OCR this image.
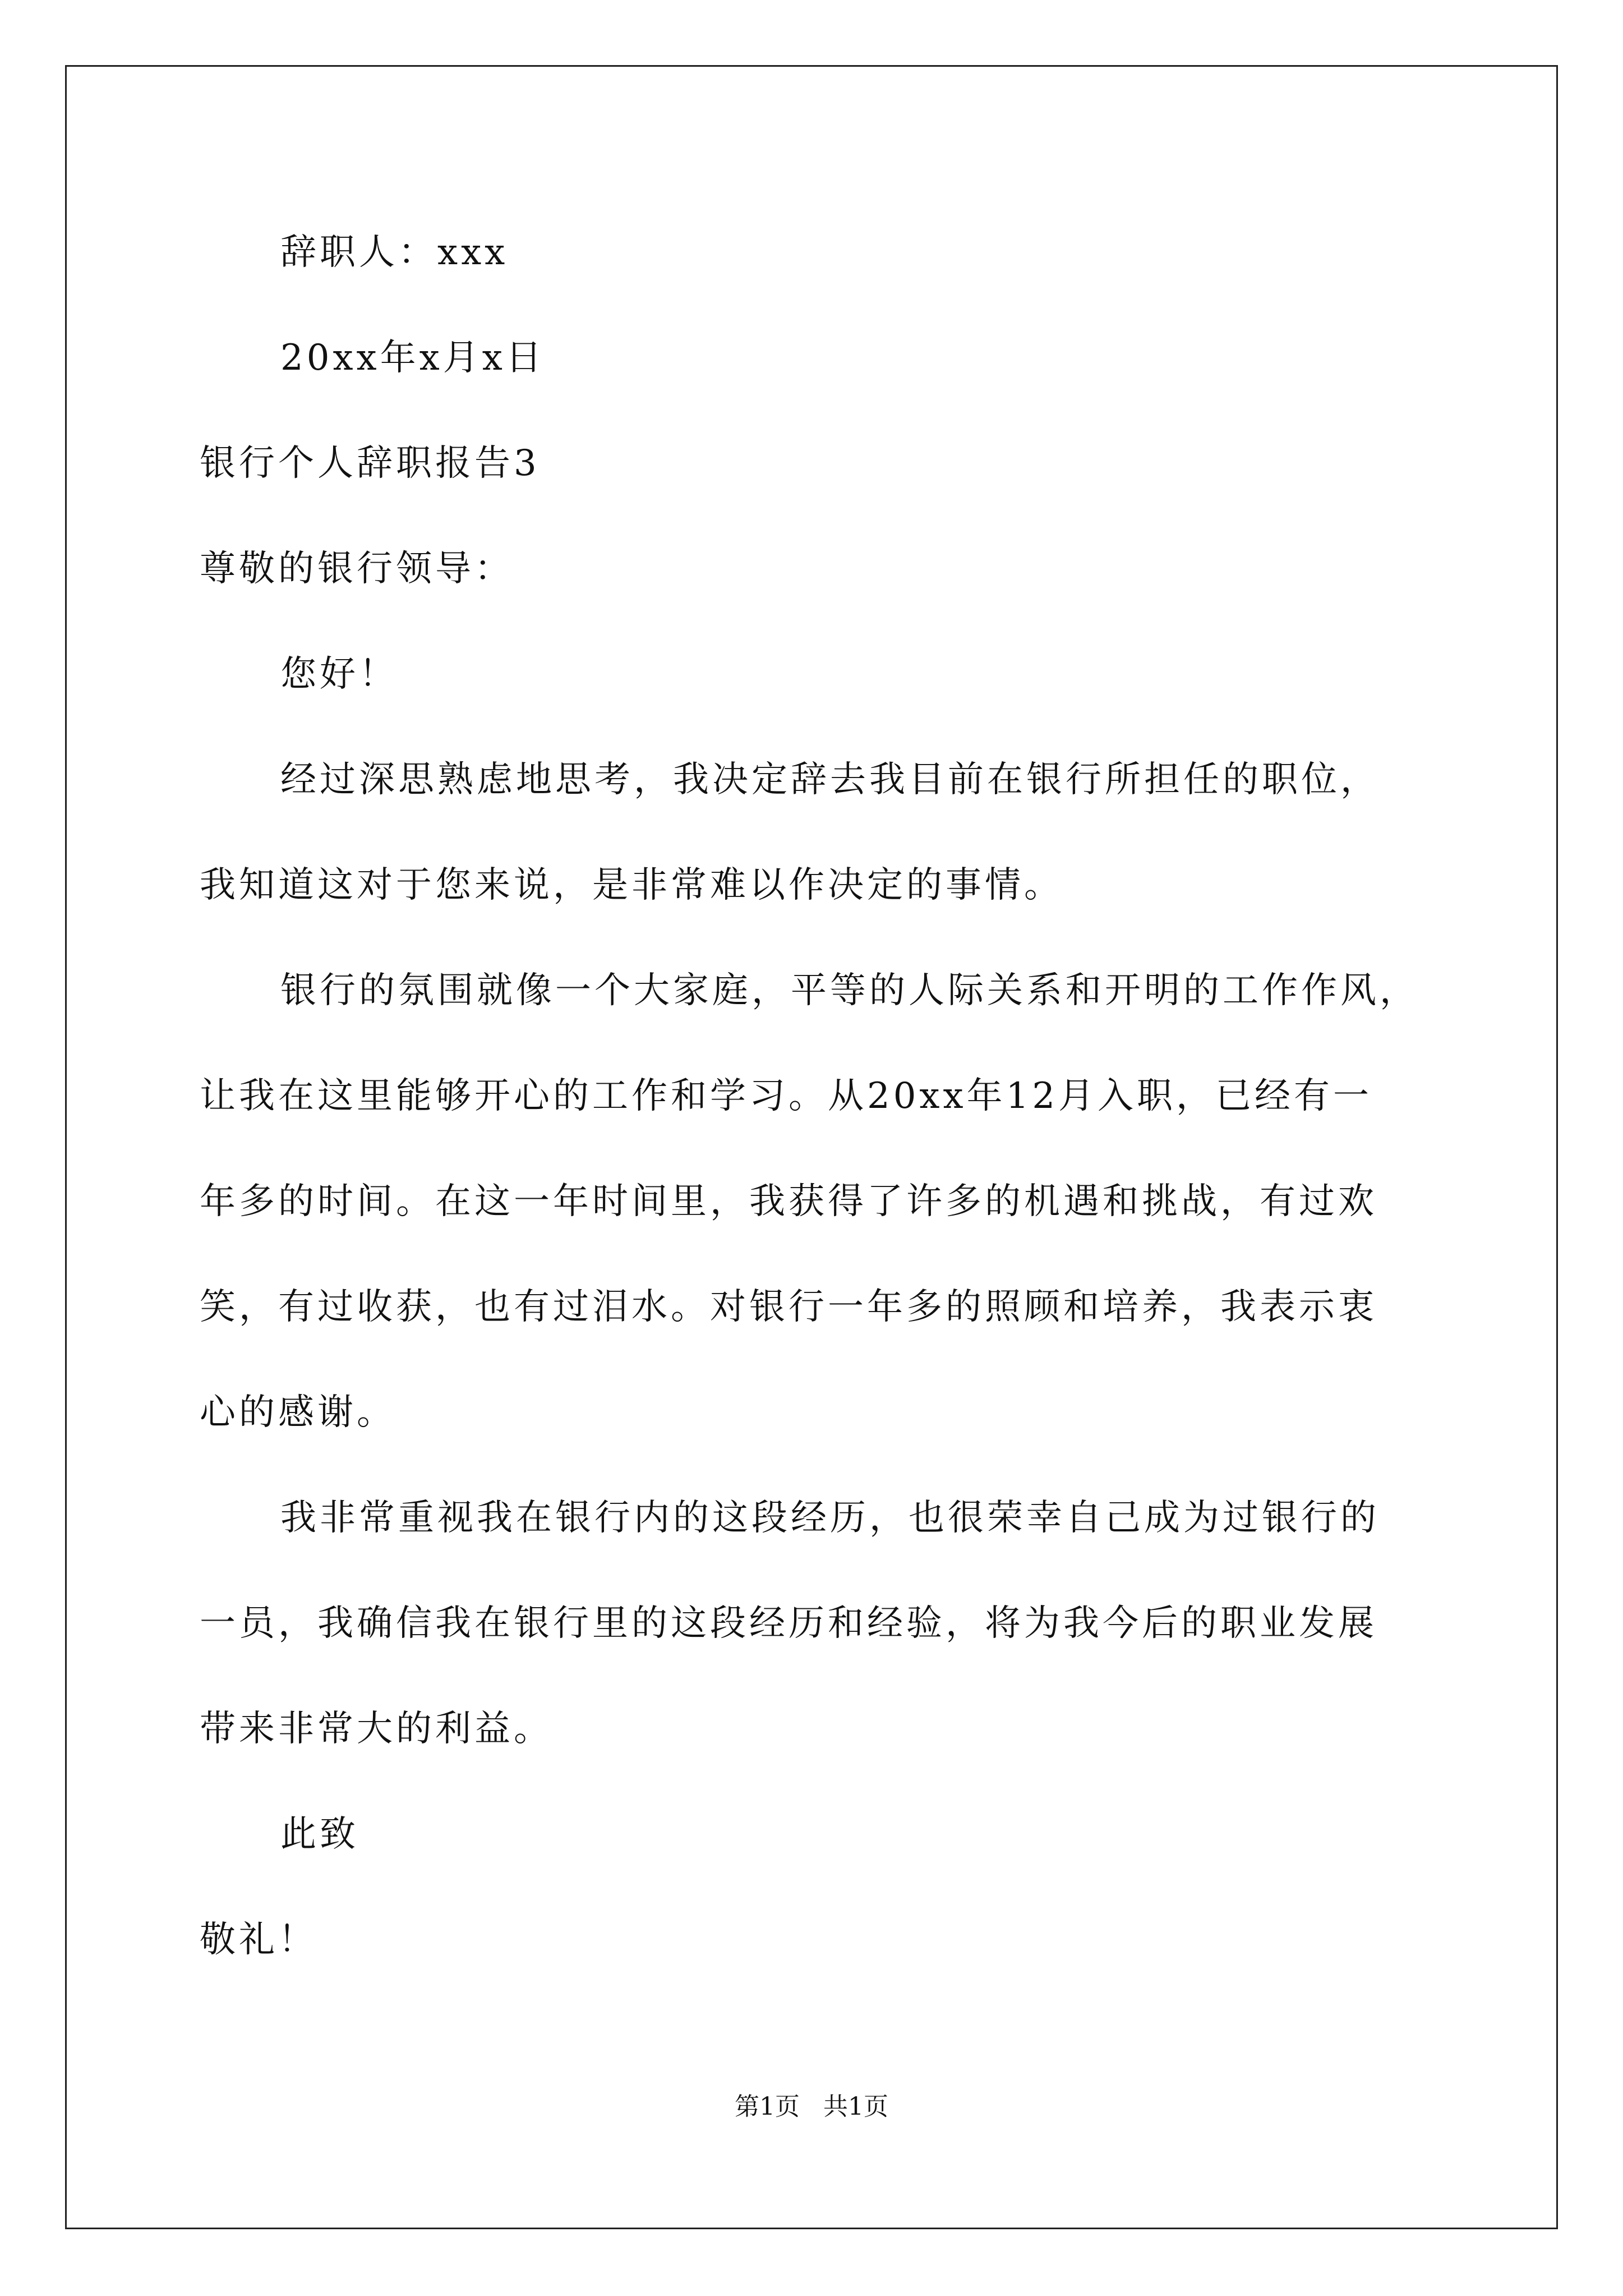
辞职人：xxx
20xx年x月x日
银行个人辞职报告3
尊敬的银行领导：
您好！
经过深思熟虑地思考，我决定辞去我目前在银行所担任的职位，
我知道这对于您来说，是非常难以作决定的事情。
银行的氛围就像一个大家庭，平等的人际关系和开明的工作作风，
让我在这里能够开心的工作和学习。从20xx年12月入职，已经有一
年多的时间。在这一年时间里，我获得了许多的机遇和挑战，有过欢
笑，有过收获，也有过泪水。对银行一年多的照顾和培养，我表示衷
心的感谢。
我非常重视我在银行内的这段经历，也很荣幸自己成为过银行的
一员，我确信我在银行里的这段经历和经验，将为我今后的职业发展
带来非常大的利益。
此致
敬礼！
第1页   共1页
